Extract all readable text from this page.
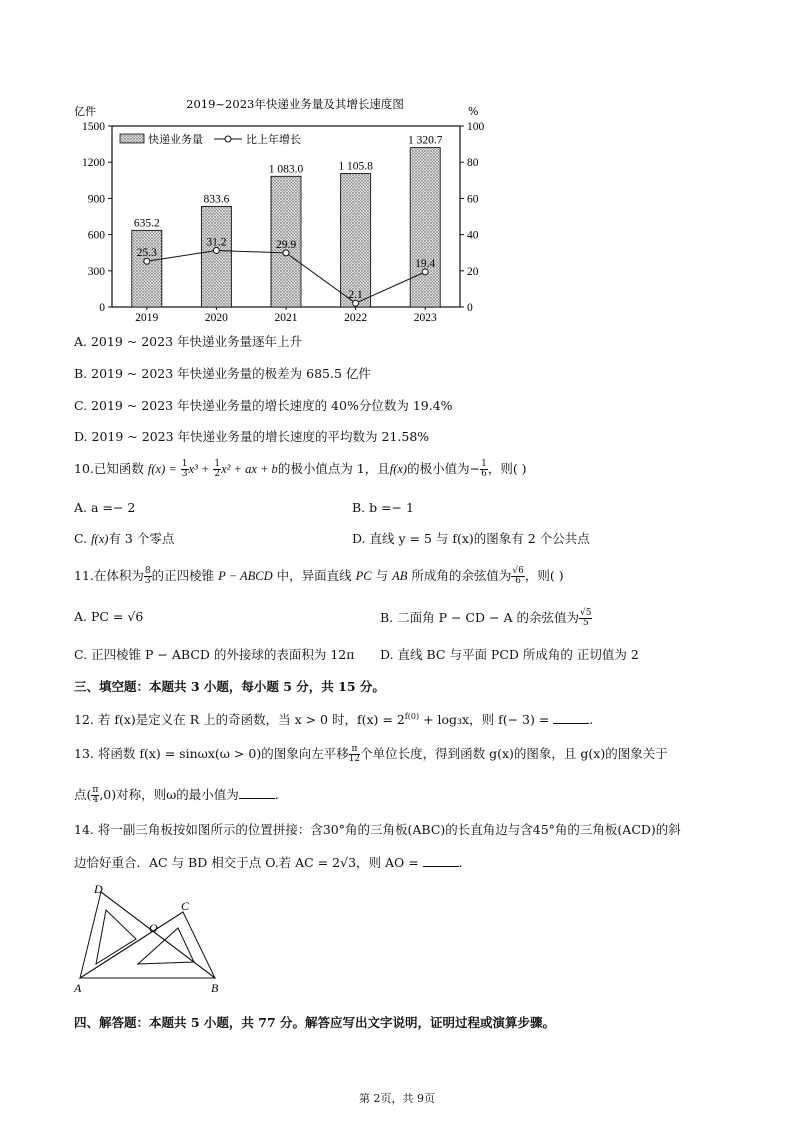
2019~2023年快递业务量及其增长速度图
亿件	%
1500
1200
900
600
300
0
100
80
60
40
20
0
快递业务量	比上年增长
635.2
833.6
1 083.0	1 105.8
1 320.7
25.3
31.2	29.9
2.1
19.4
2019	2020	2021	2022	2023
A. 2019 ~ 2023 年快递业务量逐年上升
B. 2019 ~ 2023 年快递业务量的极差为 685.5 亿件
C. 2019 ~ 2023 年快递业务量的增长速度的 40%分位数为 19.4%
D. 2019 ~ 2023 年快递业务量的增长速度的平均数为 21.58%
10.已知函数 $f(x) = \frac{1}{3} x^3 + \frac{1}{2} x^2$ + ax + b的极小值点为 1，且f(x)的极小值为− $\frac{1}{6}$ ，则( )
A. a =− 2	B. b =− 1
C. f(x)有 3 个零点	D. 直线 y = 5 与 f(x)的图象有 2 个公共点
11.在体积为 $\frac{8}{3}$ 的正四棱锥 P − ABCD 中，异面直线 PC 与 AB 所成角的余弦值为 $\frac{√6}{6}$ ，则( )
A. PC = √6	B. 二面角 P − CD − A 的余弦值为 $\frac{√5}{5}$
C. 正四棱锥 P − ABCD 的外接球的表面积为 12π D. 直线 BC 与平面 PCD 所成角的 正切值为 2
三、填空题：本题共 3 小题，每小题 5 分，共 15 分。
12. 若 f(x)是定义在 R 上的奇函数，当 x > 0 时，$f(x) = 2^{f(0)} + \log_3x$，则 f(− 3) =	.
13. 将函数 f(x) = sinωx(ω > 0)的图象向左平移 $\frac{\pi}{12}$ 个单位长度，得到函数 g(x)的图象，且 g(x)的图象关于
点( $\frac{\pi}{4} ,0$)对称，则ω的最小值为	.
14. 将一副三角板按如图所示的位置拼接：含30°角的三角板(ABC)的长直角边与含45°角的三角板(ACD)的斜
边恰好重合．AC 与 BD 相交于点 O.若 AC = 2√3，则 AO =	.
D
C
O
A	B
四、解答题：本题共 5 小题，共 77 分。解答应写出文字说明，证明过程或演算步骤。
第 2页，共 9页
